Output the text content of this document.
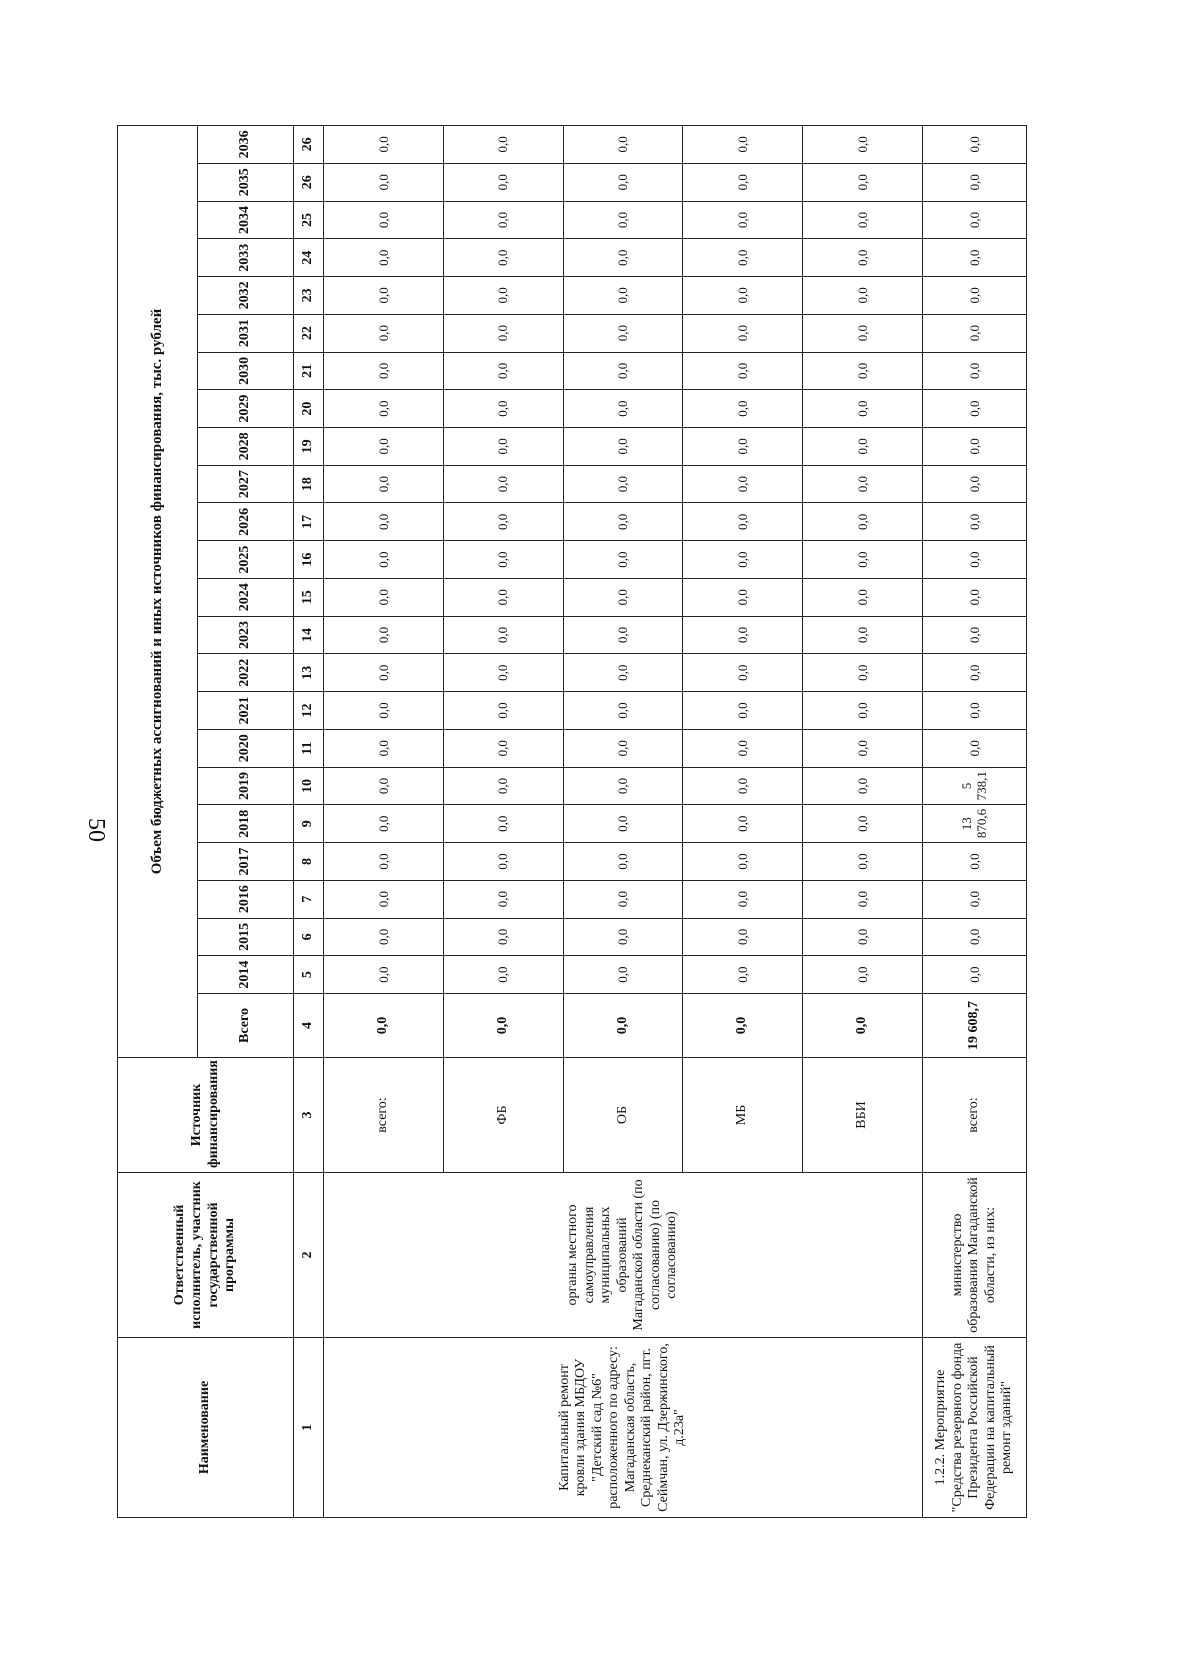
50
Наименование	Ответственный исполнитель, участник государственной программы	Источник финансирования	Объем бюджетных ассигнований и иных источников финансирования, тыс. рублей																							
			Всего	2014	2015	2016	2017	2018	2019	2020	2021	2022	2023	2024	2025	2026	2027	2028	2029	2030	2031	2032	2033	2034	2035	2036
1	2	3	4	5	6	7	8	9	10	11	12	13	14	15	16	17	18	19	20	21	22	23	24	25	26	26
Капитальный ремонт кровли здания МБДОУ "Детский сад №6" расположенного по адресу: Магаданская область, Среднеканский район, пгт. Сеймчан, ул. Дзержинского, д.23а"	органы местного самоуправления муниципальных образований Магаданской области (по согласованию) (по согласованию)	всего:	0,0	0,0	0,0	0,0	0,0	0,0	0,0	0,0	0,0	0,0	0,0	0,0	0,0	0,0	0,0	0,0	0,0	0,0	0,0	0,0	0,0	0,0	0,0	0,0
		ФБ	0,0	0,0	0,0	0,0	0,0	0,0	0,0	0,0	0,0	0,0	0,0	0,0	0,0	0,0	0,0	0,0	0,0	0,0	0,0	0,0	0,0	0,0	0,0	0,0
		ОБ	0,0	0,0	0,0	0,0	0,0	0,0	0,0	0,0	0,0	0,0	0,0	0,0	0,0	0,0	0,0	0,0	0,0	0,0	0,0	0,0	0,0	0,0	0,0	0,0
		МБ	0,0	0,0	0,0	0,0	0,0	0,0	0,0	0,0	0,0	0,0	0,0	0,0	0,0	0,0	0,0	0,0	0,0	0,0	0,0	0,0	0,0	0,0	0,0	0,0
		ВБИ	0,0	0,0	0,0	0,0	0,0	0,0	0,0	0,0	0,0	0,0	0,0	0,0	0,0	0,0	0,0	0,0	0,0	0,0	0,0	0,0	0,0	0,0	0,0	0,0
1.2.2. Мероприятие "Средства резервного фонда Президента Российской Федерации на капитальный ремонт зданий"	министерство образования Магаданской области, из них:	всего:	19 608,7	0,0	0,0	0,0	0,0	13 870,6	5 738,1	0,0	0,0	0,0	0,0	0,0	0,0	0,0	0,0	0,0	0,0	0,0	0,0	0,0	0,0	0,0	0,0	0,0
